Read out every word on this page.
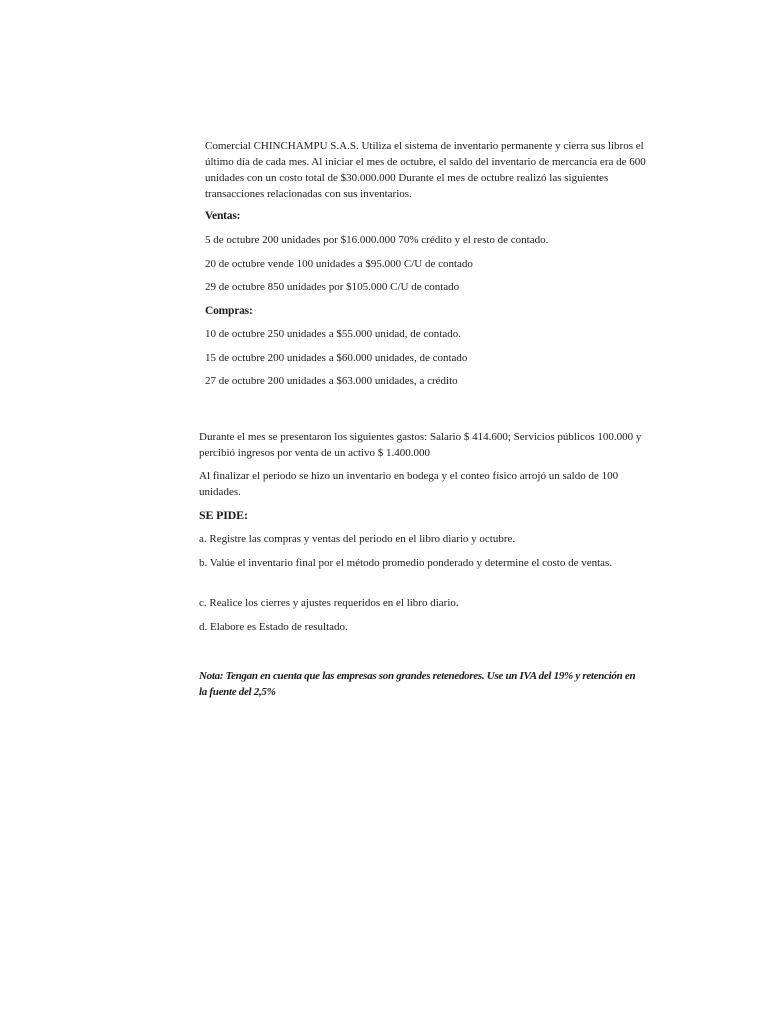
Comercial CHINCHAMPU S.A.S. Utiliza el sistema de inventario permanente y cierra sus libros el último día de cada mes. Al iniciar el mes de octubre, el saldo del inventario de mercancía era de 600 unidades con un costo total de $30.000.000 Durante el mes de octubre realizó las siguientes transacciones relacionadas con sus inventarios.

Ventas:
5 de octubre 200 unidades por $16.000.000 70% crédito y el resto de contado.
20 de octubre vende 100 unidades a $95.000 C/U de contado
29 de octubre 850 unidades por $105.000 C/U de contado
Compras:
10 de octubre 250 unidades a $55.000 unidad, de contado.
15 de octubre 200 unidades a $60.000 unidades, de contado
27 de octubre 200 unidades a $63.000 unidades, a crédito

Durante el mes se presentaron los siguientes gastos: Salario $ 414.600; Servicios públicos 100.000 y percibió ingresos por venta de un activo $ 1.400.000

Al finalizar el periodo se hizo un inventario en bodega y el conteo físico arrojó un saldo de 100 unidades.

SE PIDE:

a. Registre las compras y ventas del periodo en el libro diario y octubre.

b. Valúe el inventario final por el método promedio ponderado y determine el costo de ventas.

c. Realice los cierres y ajustes requeridos en el libro diario.

d. Elabore es Estado de resultado.

Nota: Tengan en cuenta que las empresas son grandes retenedores. Use un IVA del 19% y retención en la fuente del 2,5%
